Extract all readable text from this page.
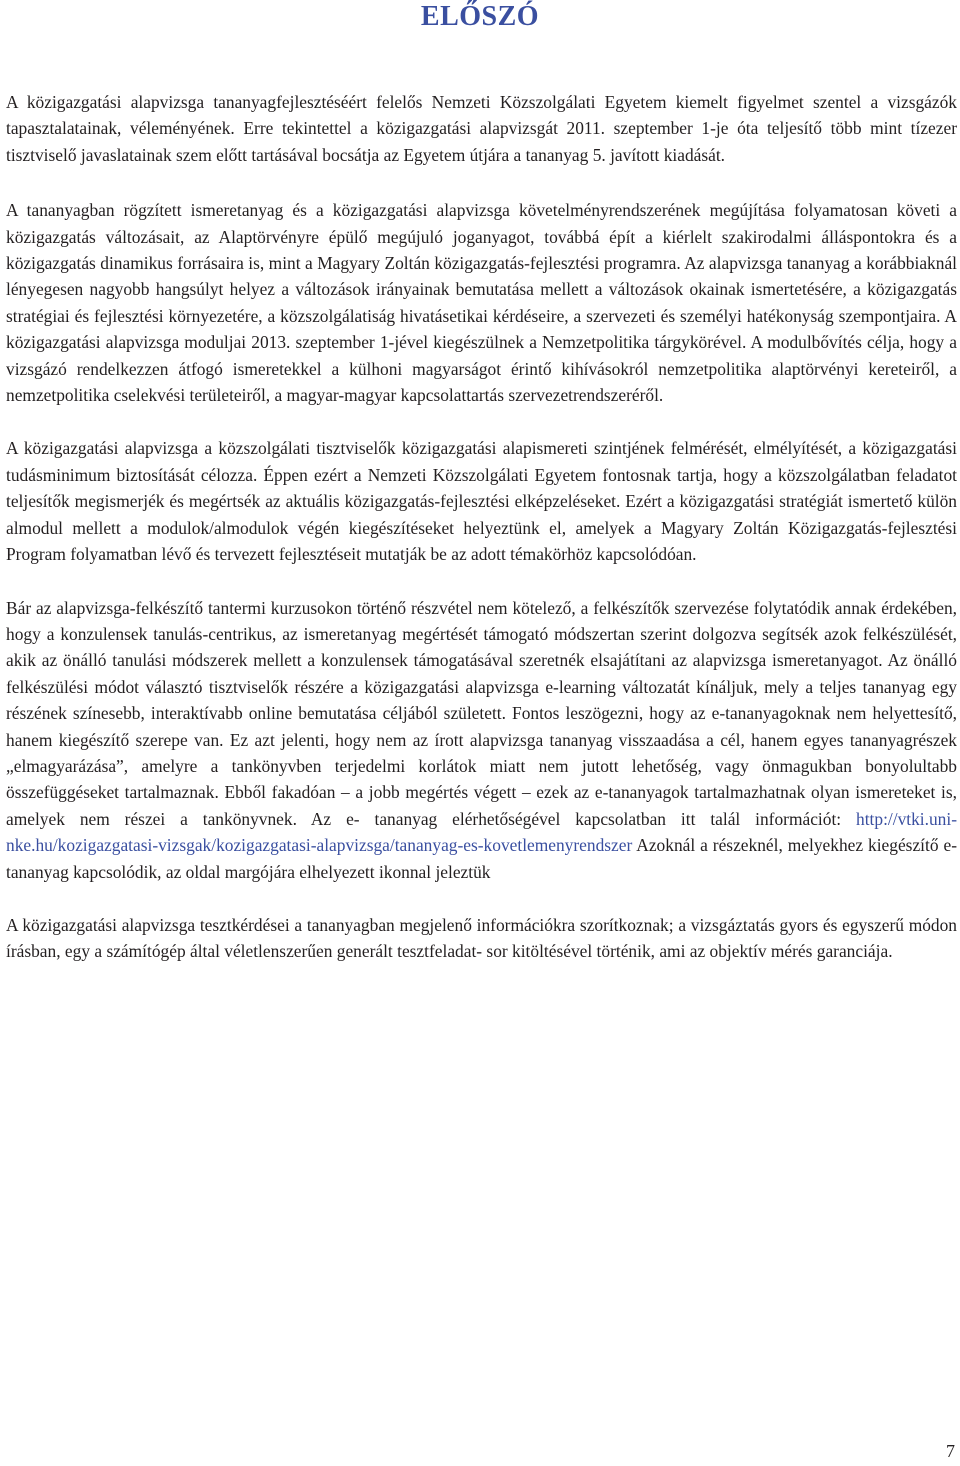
ELŐSZÓ

A közigazgatási alapvizsga tananyagfejlesztéséért felelős Nemzeti Közszolgálati Egyetem kiemelt figyelmet szentel a vizsgázók tapasztalatainak, véleményének. Erre tekintettel a közigazgatási alapvizsgát 2011. szeptember 1-je óta teljesítő több mint tízezer tisztviselő javaslatainak szem előtt tartásával bocsátja az Egyetem útjára a tananyag 5. javított kiadását.

A tananyagban rögzített ismeretanyag és a közigazgatási alapvizsga követelményrendszerének megújítása folyamatosan követi a közigazgatás változásait, az Alaptörvényre épülő megújuló joganyagot, továbbá épít a kiérlelt szakirodalmi álláspontokra és a közigazgatás dinamikus forrásaira is, mint a Magyary Zoltán közigazgatás-fejlesztési programra. Az alapvizsga tananyag a korábbiaknál lényegesen nagyobb hangsúlyt helyez a változások irányainak bemutatása mellett a változások okainak ismertetésére, a közigazgatás stratégiai és fejlesztési környezetére, a közszolgálatiság hivatásetikai kérdéseire, a szervezeti és személyi hatékonyság szempontjaira. A közigazgatási alapvizsga moduljai 2013. szeptember 1-jével kiegészülnek a Nemzetpolitika tárgykörével. A modulbővítés célja, hogy a vizsgázó rendelkezzen átfogó ismeretekkel a külhoni magyarságot érintő kihívásokról nemzetpolitika alaptörvényi kereteiről, a nemzetpolitika cselekvési területeiről, a magyar-magyar kapcsolattartás szervezetrendszeréről.

A közigazgatási alapvizsga a közszolgálati tisztviselők közigazgatási alapismereti szintjének felmérését, elmélyítését, a közigazgatási tudásminimum biztosítását célozza. Éppen ezért a Nemzeti Közszolgálati Egyetem fontosnak tartja, hogy a közszolgálatban feladatot teljesítők megismerjék és megértsék az aktuális közigazgatás-fejlesztési elképzeléseket. Ezért a közigazgatási stratégiát ismertető külön almodul mellett a modulok/almodulok végén kiegészítéseket helyeztünk el, amelyek a Magyary Zoltán Közigazgatás-fejlesztési Program folyamatban lévő és tervezett fejlesztéseit mutatják be az adott témakörhöz kapcsolódóan.

Bár az alapvizsga-felkészítő tantermi kurzusokon történő részvétel nem kötelező, a felkészítők szervezése folytatódik annak érdekében, hogy a konzulensek tanulás-centrikus, az ismeretanyag megértését támogató módszertan szerint dolgozva segítsék azok felkészülését, akik az önálló tanulási módszerek mellett a konzulensek támogatásával szeretnék elsajátítani az alapvizsga ismeretanyagot. Az önálló felkészülési módot választó tisztviselők részére a közigazgatási alapvizsga e-learning változatát kínáljuk, mely a teljes tananyag egy részének színesebb, interaktívabb online bemutatása céljából született. Fontos leszögezni, hogy az e-tananyagoknak nem helyettesítő, hanem kiegészítő szerepe van. Ez azt jelenti, hogy nem az írott alapvizsga tananyag visszaadása a cél, hanem egyes tananyagrészek „elmagyarázása”, amelyre a tankönyvben terjedelmi korlátok miatt nem jutott lehetőség, vagy önmagukban bonyolultabb összefüggéseket tartalmaznak. Ebből fakadóan – a jobb megértés végett – ezek az e-tananyagok tartalmazhatnak olyan ismereteket is, amelyek nem részei a tankönyvnek. Az e- tananyag elérhetőségével kapcsolatban itt talál információt: http://vtki.uni-nke.hu/kozigazgatasi-vizsgak/kozigazgatasi-alapvizsga/tananyag-es-kovetlemenyrendszer Azoknál a részeknél, melyekhez kiegészítő e-tananyag kapcsolódik, az oldal margójára elhelyezett ikonnal jeleztük

A közigazgatási alapvizsga tesztkérdései a tananyagban megjelenő információkra szorítkoznak; a vizsgáztatás gyors és egyszerű módon írásban, egy a számítógép által véletlenszerűen generált tesztfeladat- sor kitöltésével történik, ami az objektív mérés garanciája.

7
